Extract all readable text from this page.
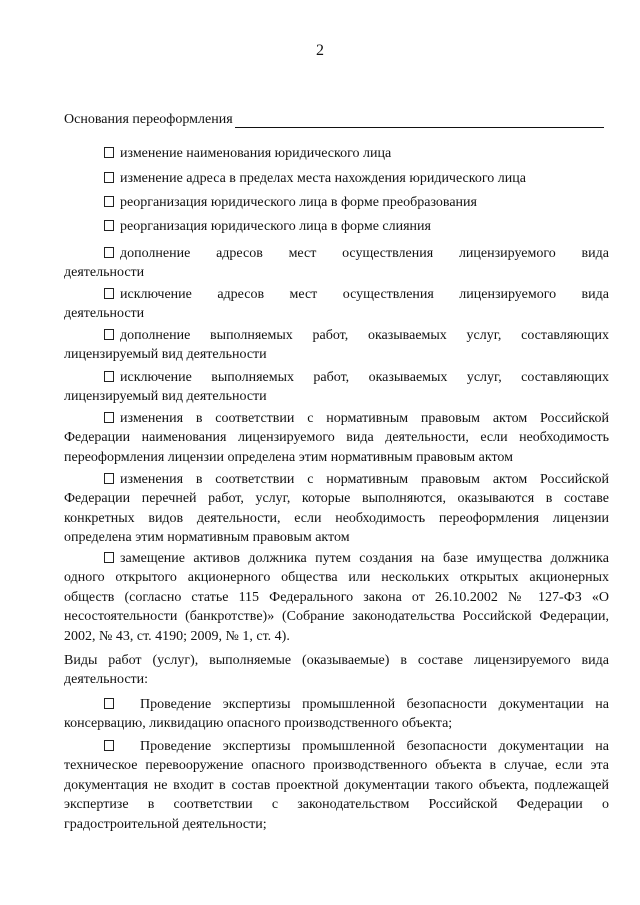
2
Основания переоформления
изменение наименования юридического лица
изменение адреса в пределах места нахождения юридического лица
реорганизация юридического лица в форме преобразования
реорганизация юридического лица в форме слияния
дополнение адресов мест осуществления лицензируемого вида
деятельности
исключение адресов мест осуществления лицензируемого вида
деятельности

дополнение выполняемых работ, оказываемых услуг, составляющих лицензируемый вид деятельности

исключение выполняемых работ, оказываемых услуг, составляющих лицензируемый вид деятельности

изменения в соответствии с нормативным правовым актом Российской Федерации наименования лицензируемого вида деятельности, если необходимость переоформления лицензии определена этим нормативным правовым актом

изменения в соответствии с нормативным правовым актом Российской Федерации перечней работ, услуг, которые выполняются, оказываются в составе конкретных видов деятельности, если необходимость переоформления лицензии определена этим нормативным правовым актом

замещение активов должника путем создания на базе имущества должника одного открытого акционерного общества или нескольких открытых акционерных обществ (согласно статье 115 Федерального закона от 26.10.2002 № 127-ФЗ «О несостоятельности (банкротстве)» (Собрание законодательства Российской Федерации, 2002, № 43, ст. 4190; 2009, № 1, ст. 4).

Виды работ (услуг), выполняемые (оказываемые) в составе лицензируемого вида деятельности:

Проведение экспертизы промышленной безопасности документации на консервацию, ликвидацию опасного производственного объекта;

Проведение экспертизы промышленной безопасности документации на техническое перевооружение опасного производственного объекта в случае, если эта документация не входит в состав проектной документации такого объекта, подлежащей экспертизе в соответствии с законодательством Российской Федерации о градостроительной деятельности;
